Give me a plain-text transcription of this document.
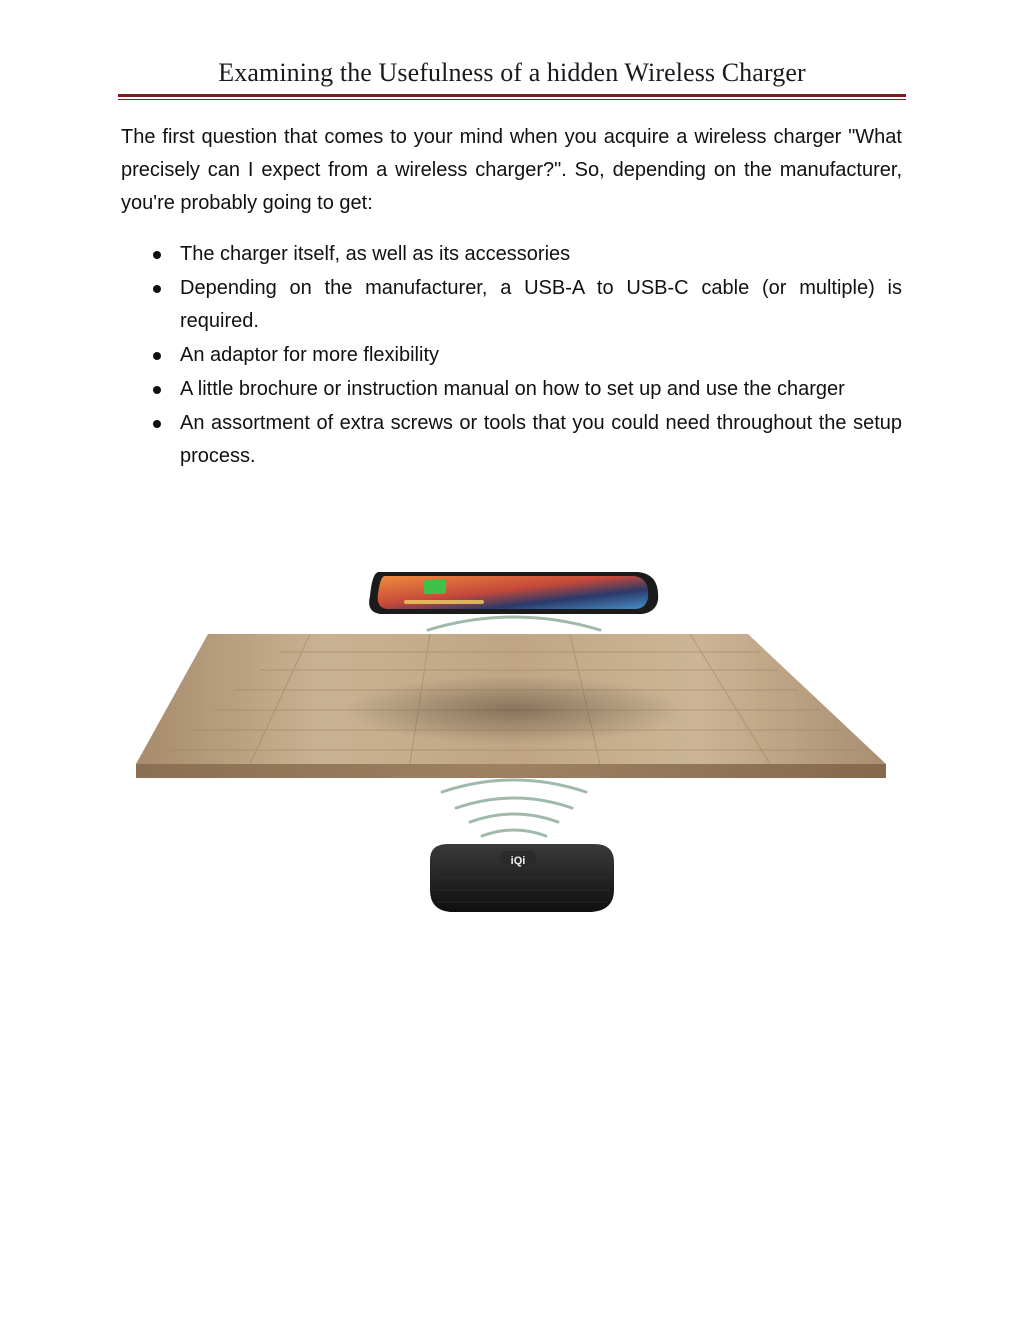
Examining the Usefulness of a hidden Wireless Charger

The first question that comes to your mind when you acquire a wireless charger "What precisely can I expect from a wireless charger?". So, depending on the manufacturer, you're probably going to get:

The charger itself, as well as its accessories
Depending on the manufacturer, a USB-A to USB-C cable (or multiple) is required.
An adaptor for more flexibility
A little brochure or instruction manual on how to set up and use the charger
An assortment of extra screws or tools that you could need throughout the setup process.
iQi
